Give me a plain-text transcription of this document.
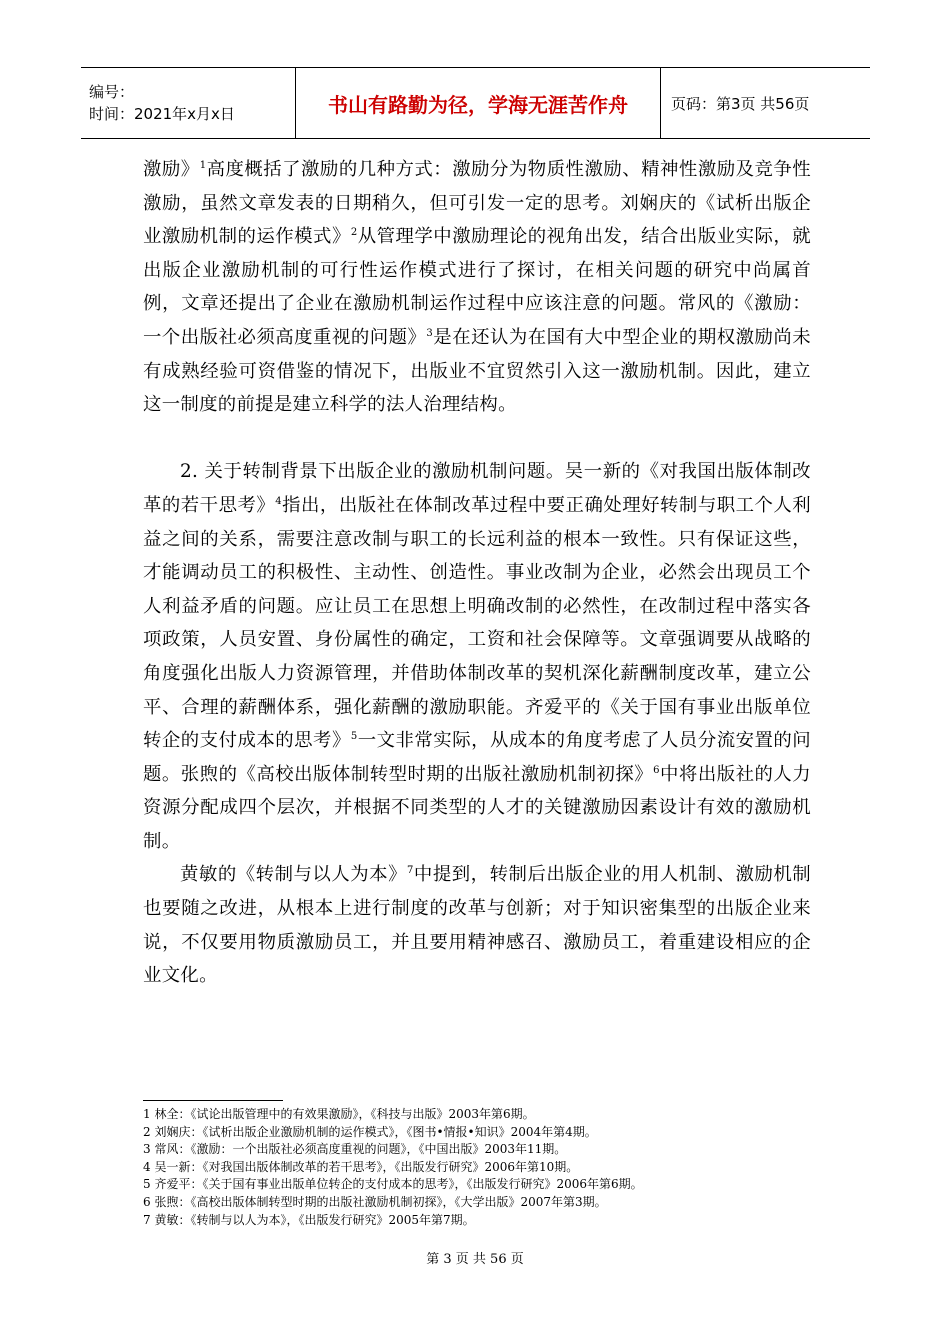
编号：
时间：2021年x月x日	书山有路勤为径，学海无涯苦作舟	页码：第3页 共56页

激励》$^1$高度概括了激励的几种方式：激励分为物质性激励、精神性激励及竞争性激励，虽然文章发表的日期稍久，但可引发一定的思考。刘娴庆的《试析出版企业激励机制的运作模式》$^2$从管理学中激励理论的视角出发，结合出版业实际，就出版企业激励机制的可行性运作模式进行了探讨，在相关问题的研究中尚属首例，文章还提出了企业在激励机制运作过程中应该注意的问题。常风的《激励：一个出版社必须高度重视的问题》$^3$是在还认为在国有大中型企业的期权激励尚未有成熟经验可资借鉴的情况下，出版业不宜贸然引入这一激励机制。因此，建立这一制度的前提是建立科学的法人治理结构。

2. 关于转制背景下出版企业的激励机制问题。吴一新的《对我国出版体制改革的若干思考》$^4$指出，出版社在体制改革过程中要正确处理好转制与职工个人利益之间的关系，需要注意改制与职工的长远利益的根本一致性。只有保证这些，才能调动员工的积极性、主动性、创造性。事业改制为企业，必然会出现员工个人利益矛盾的问题。应让员工在思想上明确改制的必然性，在改制过程中落实各项政策，人员安置、身份属性的确定，工资和社会保障等。文章强调要从战略的角度强化出版人力资源管理，并借助体制改革的契机深化薪酬制度改革，建立公平、合理的薪酬体系，强化薪酬的激励职能。齐爱平的《关于国有事业出版单位转企的支付成本的思考》$^5$一文非常实际，从成本的角度考虑了人员分流安置的问题。张煦的《高校出版体制转型时期的出版社激励机制初探》$^6$中将出版社的人力资源分配成四个层次，并根据不同类型的人才的关键激励因素设计有效的激励机制。

黄敏的《转制与以人为本》$^7$中提到，转制后出版企业的用人机制、激励机制也要随之改进，从根本上进行制度的改革与创新；对于知识密集型的出版企业来说，不仅要用物质激励员工，并且要用精神感召、激励员工，着重建设相应的企业文化。

1 林全：《试论出版管理中的有效果激励》，《科技与出版》2003年第6期。
2 刘娴庆：《试析出版企业激励机制的运作模式》，《图书•情报•知识》2004年第4期。
3 常风：《激励：一个出版社必须高度重视的问题》，《中国出版》2003年11期。
4 吴一新：《对我国出版体制改革的若干思考》，《出版发行研究》2006年第10期。
5 齐爱平：《关于国有事业出版单位转企的支付成本的思考》，《出版发行研究》2006年第6期。
6 张煦：《高校出版体制转型时期的出版社激励机制初探》，《大学出版》2007年第3期。
7 黄敏：《转制与以人为本》，《出版发行研究》2005年第7期。
第 3 页 共 56 页
